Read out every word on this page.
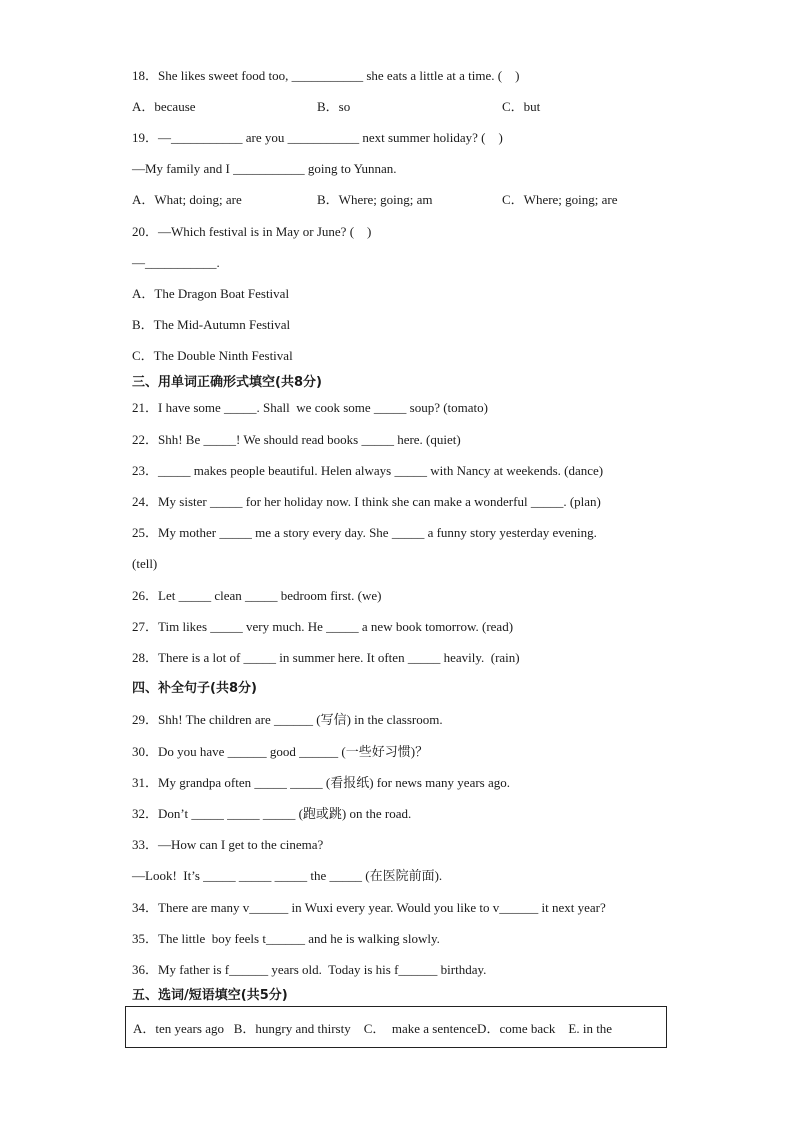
18．She likes sweet food too, ___________ she eats a little at a time. (    )
A．because	B．so	C．but
19．—___________ are you ___________ next summer holiday? (    )
—My family and I ___________ going to Yunnan.
A．What; doing; are	B．Where; going; am	C．Where; going; are
20．—Which festival is in May or June? (    )
—___________.
A．The Dragon Boat Festival
B．The Mid-Autumn Festival
C．The Double Ninth Festival
三、用单词正确形式填空(共8分)
21．I have some _____. Shall  we cook some _____ soup? (tomato)
22．Shh! Be _____! We should read books _____ here. (quiet)
23．_____ makes people beautiful. Helen always _____ with Nancy at weekends. (dance)
24．My sister _____ for her holiday now. I think she can make a wonderful _____. (plan)
25．My mother _____ me a story every day. She _____ a funny story yesterday evening.
(tell)
26．Let _____ clean _____ bedroom first. (we)
27．Tim likes _____ very much. He _____ a new book tomorrow. (read)
28．There is a lot of _____ in summer here. It often _____ heavily.  (rain)
四、补全句子(共8分)
29．Shh! The children are ______ (写信) in the classroom.
30．Do you have ______ good ______ (一些好习惯)？
31．My grandpa often _____ _____ (看报纸) for news many years ago.
32．Don’t _____ _____ _____ (跑或跳) on the road.
33．—How can I get to the cinema?
—Look!  It’s _____ _____ _____ the _____ (在医院前面).
34．There are many v______ in Wuxi every year. Would you like to v______ it next year?
35．The little  boy feels t______ and he is walking slowly.
36．My father is f______ years old.  Today is his f______ birthday.
五、选词/短语填空(共5分)
A．ten years ago   B．hungry and thirsty    C．  make a sentenceD．come back    E. in the
